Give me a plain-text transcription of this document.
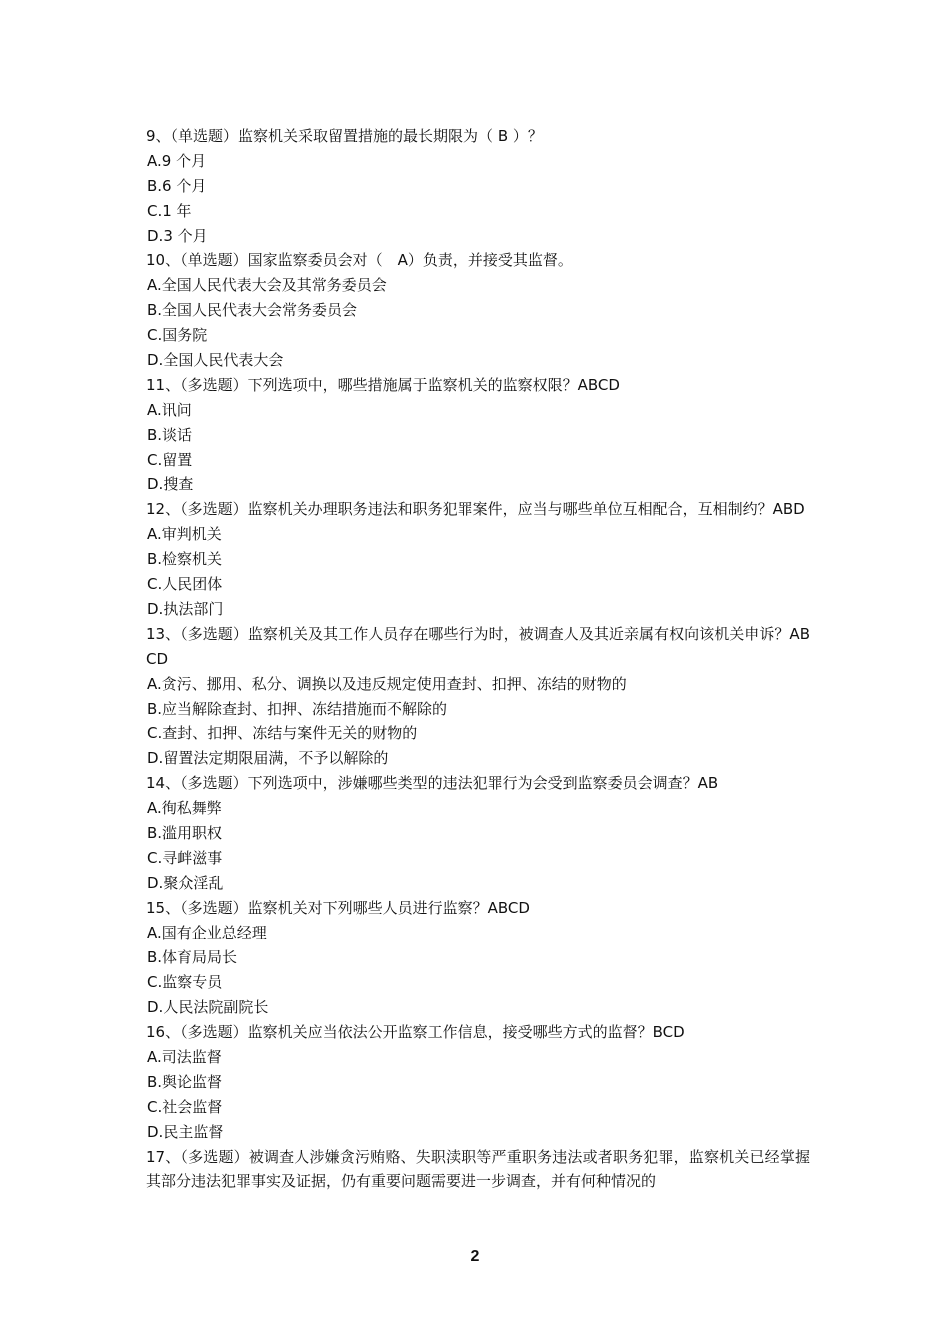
9、（单选题）监察机关采取留置措施的最长期限为（ B ）？
A.9 个月
B.6 个月
C.1 年
D.3 个月
10、（单选题）国家监察委员会对（　A）负责，并接受其监督。
A.全国人民代表大会及其常务委员会
B.全国人民代表大会常务委员会
C.国务院
D.全国人民代表大会
11、（多选题）下列选项中，哪些措施属于监察机关的监察权限？ABCD
A.讯问
B.谈话
C.留置
D.搜查
12、（多选题）监察机关办理职务违法和职务犯罪案件，应当与哪些单位互相配合，互相制约？ABD
A.审判机关
B.检察机关
C.人民团体
D.执法部门
13、（多选题）监察机关及其工作人员存在哪些行为时，被调查人及其近亲属有权向该机关申诉？ABCD
A.贪污、挪用、私分、调换以及违反规定使用查封、扣押、冻结的财物的
B.应当解除查封、扣押、冻结措施而不解除的
C.查封、扣押、冻结与案件无关的财物的
D.留置法定期限届满，不予以解除的
14、（多选题）下列选项中，涉嫌哪些类型的违法犯罪行为会受到监察委员会调查？AB
A.徇私舞弊
B.滥用职权
C.寻衅滋事
D.聚众淫乱
15、（多选题）监察机关对下列哪些人员进行监察？ABCD
A.国有企业总经理
B.体育局局长
C.监察专员
D.人民法院副院长
16、（多选题）监察机关应当依法公开监察工作信息，接受哪些方式的监督？BCD
A.司法监督
B.舆论监督
C.社会监督
D.民主监督
17、（多选题）被调查人涉嫌贪污贿赂、失职渎职等严重职务违法或者职务犯罪，监察机关已经掌握其部分违法犯罪事实及证据，仍有重要问题需要进一步调查，并有何种情况的
2
